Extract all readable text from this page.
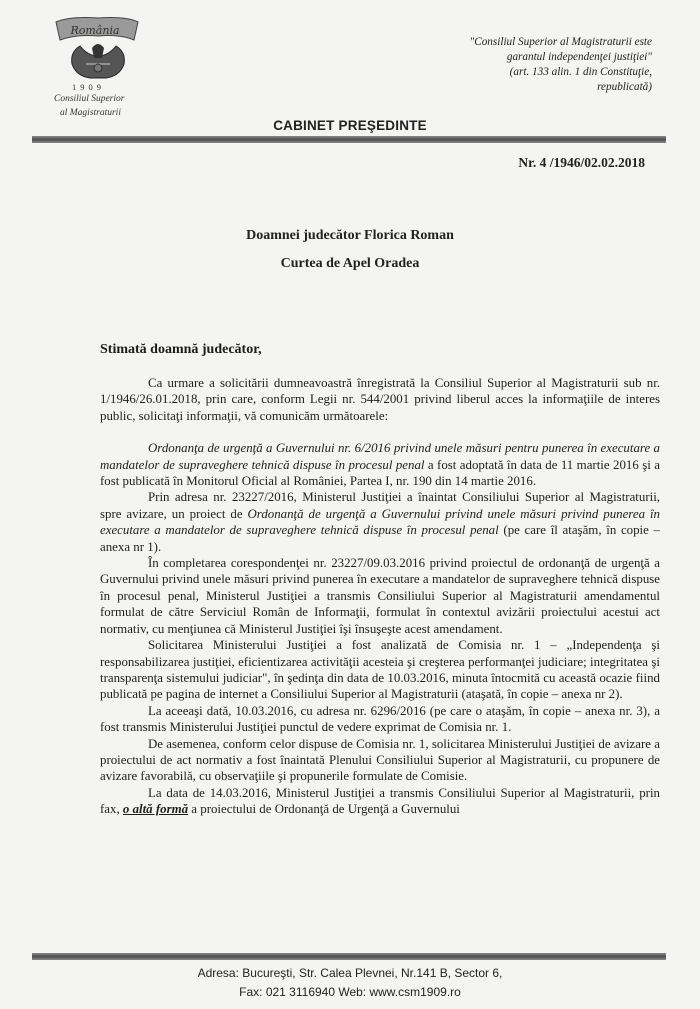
România
1909
Consiliul Superior
al Magistraturii
"Consiliul Superior al Magistraturii este
garantul independenţei justiţiei"
(art. 133 alin. 1 din Constituţie,
republicată)
CABINET PREŞEDINTE
Nr. 4 /1946/02.02.2018
Doamnei judecător Florica Roman
Curtea de Apel Oradea
Stimată doamnă judecător,

Ca urmare a solicitării dumneavoastră înregistrată la Consiliul Superior al Magistraturii sub nr. 1/1946/26.01.2018, prin care, conform Legii nr. 544/2001 privind liberul acces la informaţiile de interes public, solicitaţi informaţii, vă comunicăm următoarele:

Ordonanţa de urgenţă a Guvernului nr. 6/2016 privind unele măsuri pentru punerea în executare a mandatelor de supraveghere tehnică dispuse în procesul penal a fost adoptată în data de 11 martie 2016 şi a fost publicată în Monitorul Oficial al României, Partea I, nr. 190 din 14 martie 2016.

Prin adresa nr. 23227/2016, Ministerul Justiţiei a înaintat Consiliului Superior al Magistraturii, spre avizare, un proiect de Ordonanţă de urgenţă a Guvernului privind unele măsuri privind punerea în executare a mandatelor de supraveghere tehnică dispuse în procesul penal (pe care îl ataşăm, în copie – anexa nr 1).

În completarea corespondenţei nr. 23227/09.03.2016 privind proiectul de ordonanţă de urgenţă a Guvernului privind unele măsuri privind punerea în executare a mandatelor de supraveghere tehnică dispuse în procesul penal, Ministerul Justiţiei a transmis Consiliului Superior al Magistraturii amendamentul formulat de către Serviciul Român de Informaţii, formulat în contextul avizării proiectului acestui act normativ, cu menţiunea că Ministerul Justiţiei îşi însuşeşte acest amendament.

Solicitarea Ministerului Justiţiei a fost analizată de Comisia nr. 1 – „Independenţa şi responsabilizarea justiţiei, eficientizarea activităţii acesteia şi creşterea performanţei judiciare; integritatea şi transparenţa sistemului judiciar", în şedinţa din data de 10.03.2016, minuta întocmită cu această ocazie fiind publicată pe pagina de internet a Consiliului Superior al Magistraturii (ataşată, în copie – anexa nr 2).

La aceeaşi dată, 10.03.2016, cu adresa nr. 6296/2016 (pe care o ataşăm, în copie – anexa nr. 3), a fost transmis Ministerului Justiţiei punctul de vedere exprimat de Comisia nr. 1.

De asemenea, conform celor dispuse de Comisia nr. 1, solicitarea Ministerului Justiţiei de avizare a proiectului de act normativ a fost înaintată Plenului Consiliului Superior al Magistraturii, cu propunere de avizare favorabilă, cu observaţiile şi propunerile formulate de Comisie.

La data de 14.03.2016, Ministerul Justiţiei a transmis Consiliului Superior al Magistraturii, prin fax, o altă formă a proiectului de Ordonanţă de Urgenţă a Guvernului

Adresa: Bucureşti, Str. Calea Plevnei, Nr.141 B, Sector 6,
Fax: 021 3116940 Web: www.csm1909.ro
